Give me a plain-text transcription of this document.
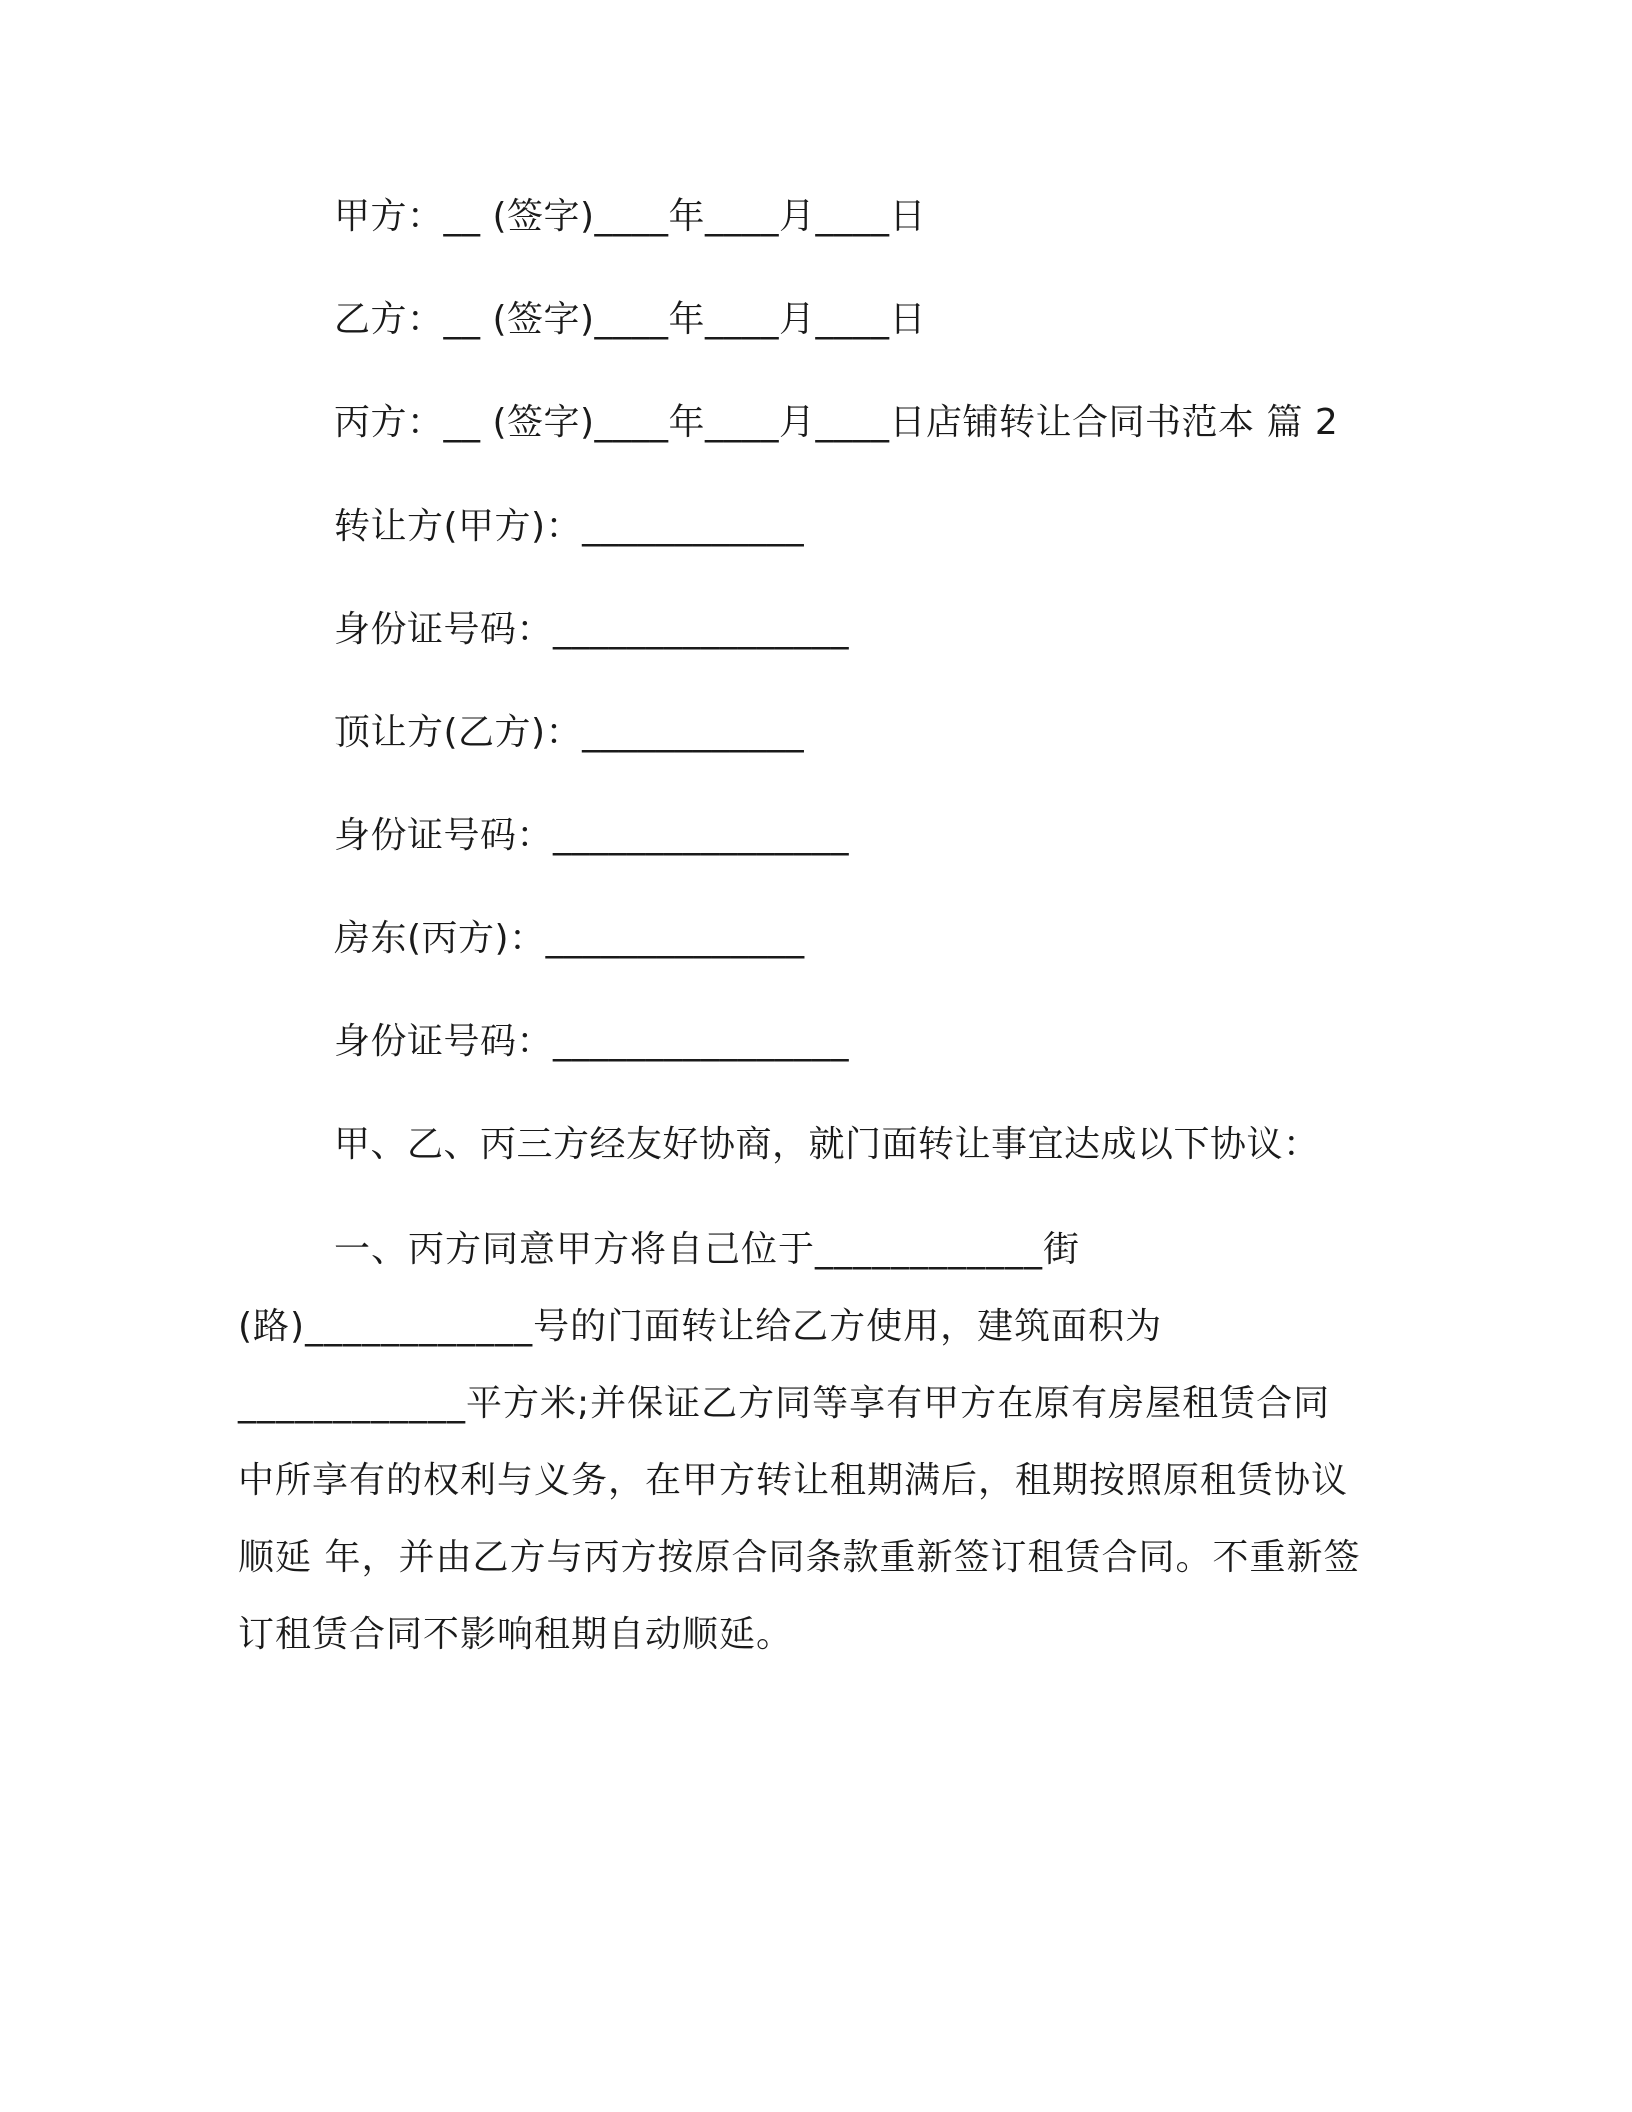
甲方：__ (签字)____年____月____日
乙方：__ (签字)____年____月____日
丙方：__ (签字)____年____月____日店铺转让合同书范本 篇 2
转让方(甲方)：____________
身份证号码：________________
顶让方(乙方)：____________
身份证号码：________________
房东(丙方)：______________
身份证号码：________________
甲、乙、丙三方经友好协商，就门面转让事宜达成以下协议：
一、丙方同意甲方将自己位于____________街
(路)____________号的门面转让给乙方使用，建筑面积为
____________平方米;并保证乙方同等享有甲方在原有房屋租赁合同
中所享有的权利与义务，在甲方转让租期满后，租期按照原租赁协议
顺延 年，并由乙方与丙方按原合同条款重新签订租赁合同。不重新签
订租赁合同不影响租期自动顺延。
